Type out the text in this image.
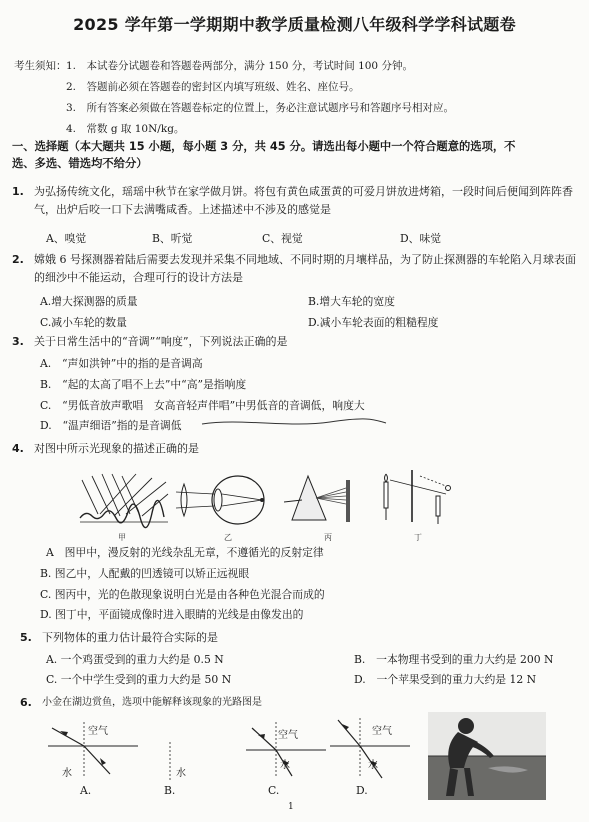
2025 学年第一学期期中教学质量检测八年级科学学科试题卷
考生须知： 1.　本试卷分试题卷和答题卷两部分，满分 150 分，考试时间 100 分钟。
2.　答题前必须在答题卷的密封区内填写班级、姓名、座位号。
3.　所有答案必须做在答题卷标定的位置上，务必注意试题序号和答题序号相对应。
4.　常数 g 取 10N/kg。
一、选择题（本大题共 15 小题，每小题 3 分，共 45 分。请选出每小题中一个符合题意的选项，不
选、多选、错选均不给分）
1. 为弘扬传统文化，瑶瑶中秋节在家学做月饼。将包有黄色咸蛋黄的可爱月饼放进烤箱，一段时间后便闻到阵阵香气，出炉后咬一口下去满嘴咸香。上述描述中不涉及的感觉是
A、嗅觉	B、听觉	C、视觉	D、味觉
2. 嫦娥 6 号探测器着陆后需要去发现并采集不同地域、不同时期的月壤样品，为了防止探测器的车轮陷入月球表面的细沙中不能运动，合理可行的设计方法是
A.增大探测器的质量	B.增大车轮的宽度
C.减小车轮的数量	D.减小车轮表面的粗糙程度
3. 关于日常生活中的“音调”“响度”，下列说法正确的是
A.　“声如洪钟”中的指的是音调高
B.　“起的太高了唱不上去”中“高”是指响度
C.　“男低音放声歌唱　女高音轻声伴唱”中男低音的音调低，响度大
D.　“温声细语”指的是音调低
4. 对图中所示光现象的描述正确的是
甲	乙	丙	丁
A　图甲中，漫反射的光线杂乱无章，不遵循光的反射定律
B. 图乙中，人配戴的凹透镜可以矫正远视眼
C. 图丙中，光的色散现象说明白光是由各种色光混合而成的
D. 图丁中，平面镜成像时进入眼睛的光线是由像发出的
5. 下列物体的重力估计最符合实际的是
A. 一个鸡蛋受到的重力大约是 0.5 N	B.　一本物理书受到的重力大约是 200 N
C. 一个中学生受到的重力大约是 50 N	D.　一个苹果受到的重力大约是 12 N
6. 小金在湖边赏鱼，选项中能解释该现象的光路图是
空气
水
A.
水
B.
空气
水
C.
空气
水
D.
1
